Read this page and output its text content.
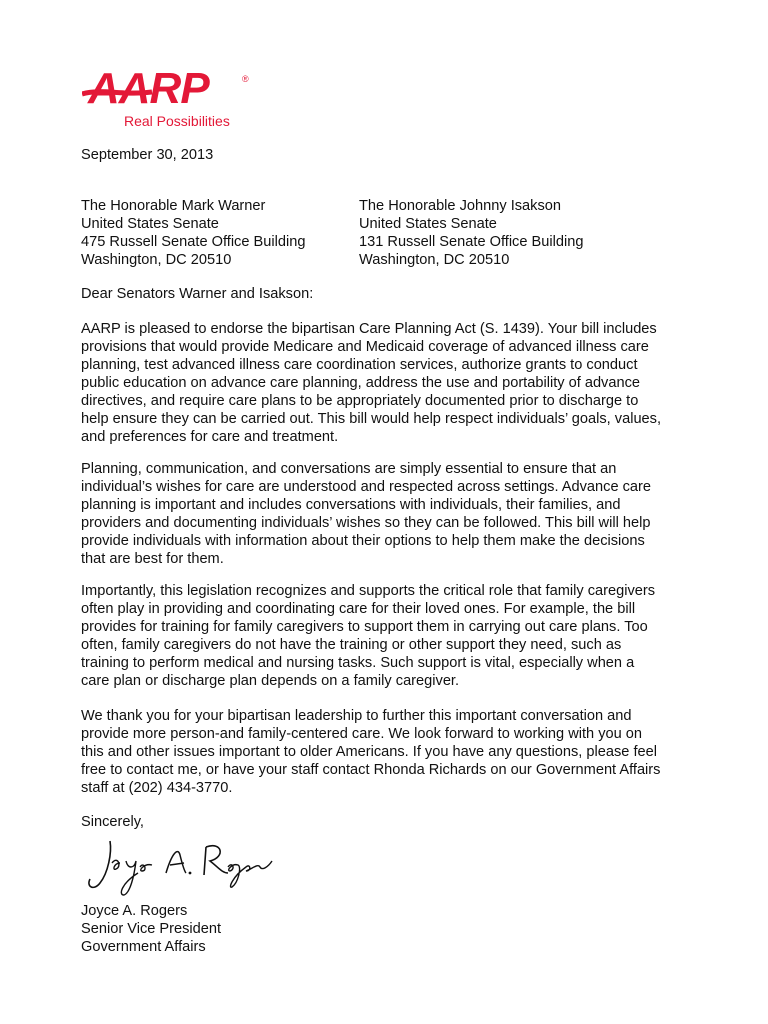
AARP	®
Real Possibilities
September 30, 2013
The Honorable Mark Warner
United States Senate
475 Russell Senate Office Building
Washington, DC 20510
The Honorable Johnny Isakson
United States Senate
131 Russell Senate Office Building
Washington, DC 20510
Dear Senators Warner and Isakson:
AARP is pleased to endorse the bipartisan Care Planning Act (S. 1439). Your bill includes
provisions that would provide Medicare and Medicaid coverage of advanced illness care
planning, test advanced illness care coordination services, authorize grants to conduct
public education on advance care planning, address the use and portability of advance
directives, and require care plans to be appropriately documented prior to discharge to
help ensure they can be carried out. This bill would help respect individuals’ goals, values,
and preferences for care and treatment.
Planning, communication, and conversations are simply essential to ensure that an
individual’s wishes for care are understood and respected across settings. Advance care
planning is important and includes conversations with individuals, their families, and
providers and documenting individuals’ wishes so they can be followed. This bill will help
provide individuals with information about their options to help them make the decisions
that are best for them.
Importantly, this legislation recognizes and supports the critical role that family caregivers
often play in providing and coordinating care for their loved ones. For example, the bill
provides for training for family caregivers to support them in carrying out care plans. Too
often, family caregivers do not have the training or other support they need, such as
training to perform medical and nursing tasks. Such support is vital, especially when a
care plan or discharge plan depends on a family caregiver.
We thank you for your bipartisan leadership to further this important conversation and
provide more person-and family-centered care. We look forward to working with you on
this and other issues important to older Americans. If you have any questions, please feel
free to contact me, or have your staff contact Rhonda Richards on our Government Affairs
staff at (202) 434-3770.
Sincerely,
Joyce A. Rogers
Senior Vice President
Government Affairs
